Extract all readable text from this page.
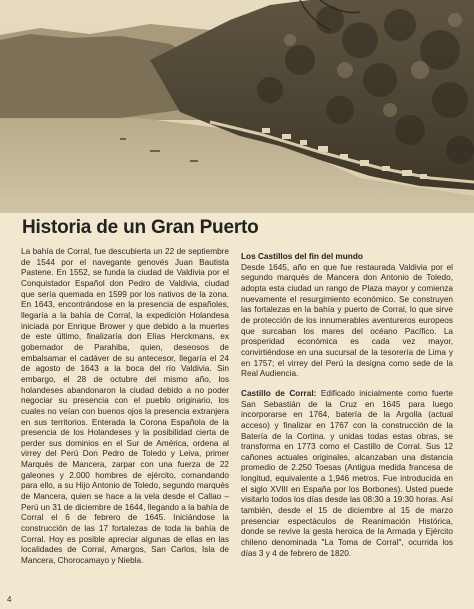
Historia de un Gran Puerto

La bahía de Corral, fue descubierta un 22 de septiembre de 1544 por el navegante genovés Juan Bautista Pastene. En 1552, se funda la ciudad de Valdivia por el Conquistador Español don Pedro de Valdivia, ciudad que sería quemada en 1599 por los nativos de la zona. En 1643, encontrándose en la presencia de españoles, llegaría a la bahía de Corral, la expedición Holandesa iniciada por Enrique Brower y que debido a la muertes de este último, finalizaría don Elías Herckmans, ex gobernador de Parahiba, quien, deseosos de embalsamar el cadáver de su antecesor, llegaría el 24 de agosto de 1643 a la boca del río Valdivia. Sin embargo, el 28 de octubre del mismo año, los holandeses abandonaron la ciudad debido a no poder negociar su presencia con el pueblo originario, los cuales no veían con buenos ojos la presencia extranjera en sus territorios. Enterada la Corona Española de la presencia de los Holandeses y la posibilidad cierta de perder sus dominios en el Sur de América, ordena al virrey del Perú Don Pedro de Toledo y Leiva, primer Marqués de Mancera, zarpar con una fuerza de 22 galeones y 2.000 hombres de ejército, comandando para ello, a su Hijo Antonio de Toledo, segundo marqués de Mancera, quien se hace a la vela desde el Callao – Perú un 31 de diciembre de 1644, llegando a la bahía de Corral el 6 de febrero de 1645. Iniciándose la construcción de las 17 fortalezas de toda la bahía de Corral. Hoy es posible apreciar algunas de ellas en las localidades de Corral, Amargos, San Carlos, Isla de Mancera, Chorocamayo y Niebla.

Los Castillos del fin del mundo

Desde 1645, año en que fue restaurada Valdivia por el segundo marqués de Mancera don Antonio de Toledo, adopta esta ciudad un rango de Plaza mayor y comienza nuevamente el resurgimiento económico. Se construyen las fortalezas en la bahía y puerto de Corral, lo que sirve de protección de los innumerables aventureros europeos que surcaban los mares del océano Pacífico. La prosperidad económica es cada vez mayor, convirtiéndose en una sucursal de la tesorería de Lima y en 1757; el virrey del Perú la designa como sede de la Real Audiencia.

Castillo de Corral: Edificado inicialmente como fuerte San Sebastián de la Cruz en 1645 para luego incorporarse en 1764, batería de la Argolla (actual acceso) y finalizar en 1767 con la construcción de la Batería de la Cortina. y unidas todas estas obras, se transforma en 1773 como el Castillo de Corral. Sus 12 cañones actuales originales, alcanzaban una distancia promedio de 2.250 Toesas (Antigua medida francesa de longitud, equivalente a 1,946 metros. Fue introducida en el siglo XVIII en España por los Borbones). Usted puede visitarlo todos los días desde las 08:30 a 19:30 horas. Así también, desde el 15 de diciembre al 15 de marzo presenciar espectáculos de Reanimación Histórica, donde se revive la gesta heroica de la Armada y Ejército chileno denominada "La Toma de Corral", ocurrida los días 3 y 4 de febrero de 1820.

4
